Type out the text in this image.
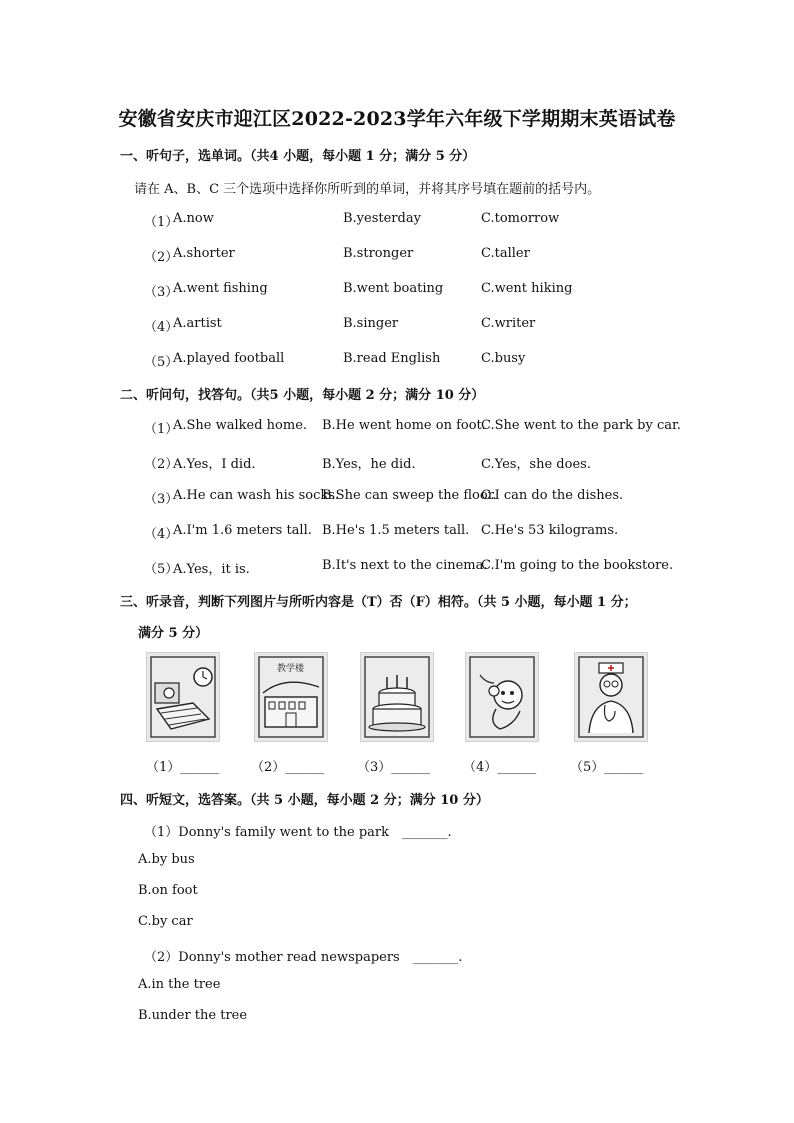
安徽省安庆市迎江区2022-2023学年六年级下学期期末英语试卷
一、听句子，选单词。（共4 小题，每小题 1 分；满分 5 分）
请在 A、B、C 三个选项中选择你所听到的单词，并将其序号填在题前的括号内。
（1）
A.now	B.yesterday	C.tomorrow
（2）
A.shorter	B.stronger	C.taller
（3）
A.went fishing	B.went boating	C.went hiking
（4）
A.artist	B.singer	C.writer
（5）
A.played football	B.read English	C.busy
二、听问句，找答句。（共5 小题，每小题 2 分；满分 10 分）
（1）
A.She walked home. B.He went home on foot.
C.She went to the park by car.
（2）
A.Yes，I did.	B.Yes，he did.	C.Yes，she does.
（3）
A.He can wash his socks.
B.She can sweep the floor.
C.I can do the dishes.
（4）
A.I'm 1.6 meters tall. B.He's 1.5 meters tall. C.He's 53 kilograms.
（5）
A.Yes，it is.	B.It's next to the cinema.
C.I'm going to the bookstore.
三、听录音，判断下列图片与所听内容是（T）否（F）相符。（共 5 小题，每小题 1 分；
满分 5 分）
教学楼
（1）______ （2）______	（3）______	（4）______	（5）______
四、听短文，选答案。（共 5 小题，每小题 2 分；满分 10 分）
（1）Donny's family went to the park　_______.
A.by bus
B.on foot
C.by car
（2）Donny's mother read newspapers　_______.
A.in the tree
B.under the tree
